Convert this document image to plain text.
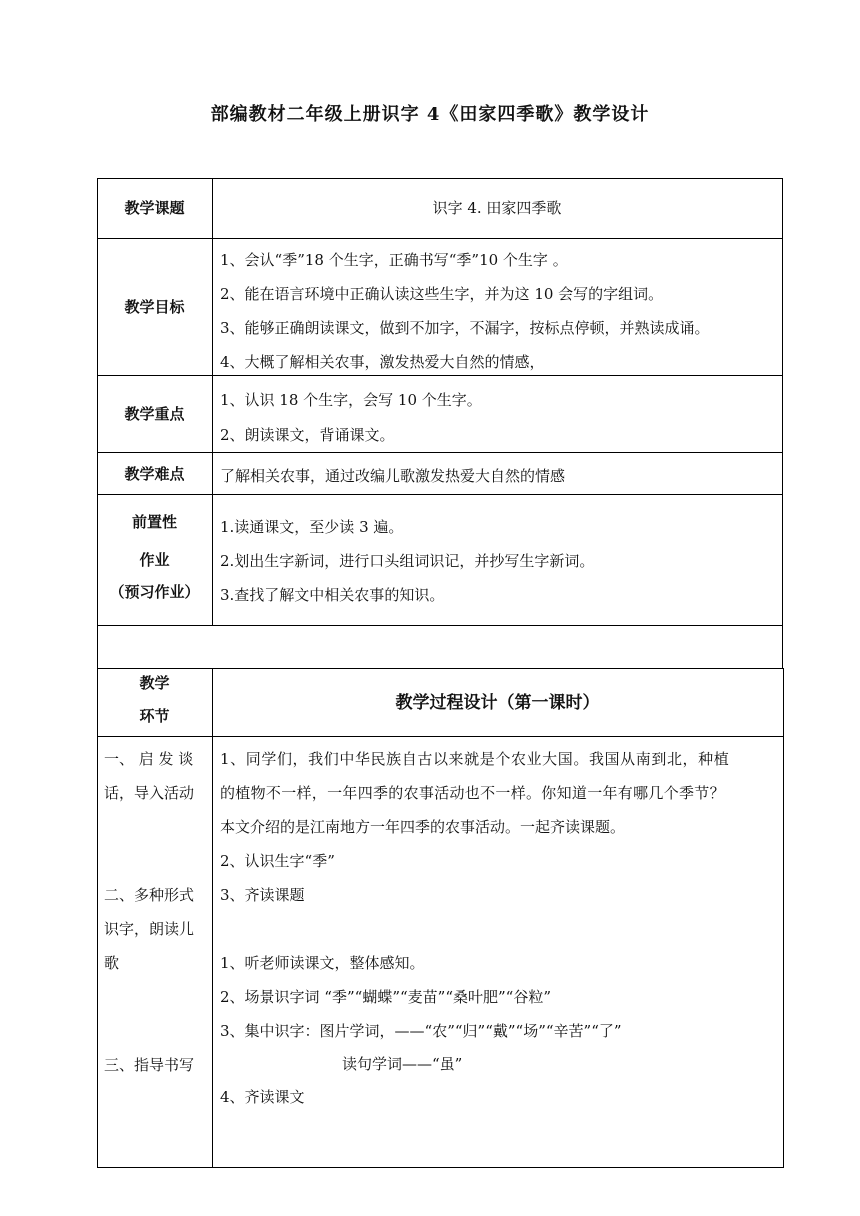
部编教材二年级上册识字 4《田家四季歌》教学设计
教学课题	识字 4. 田家四季歌
教学目标
1、会认“季”18 个生字，正确书写“季”10 个生字 。
2、能在语言环境中正确认读这些生字，并为这 10 会写的字组词。
3、能够正确朗读课文，做到不加字，不漏字，按标点停顿，并熟读成诵。
4、大概了解相关农事，激发热爱大自然的情感，
教学重点
1、认识 18 个生字，会写 10 个生字。
2、朗读课文，背诵课文。
教学难点	了解相关农事，通过改编儿歌激发热爱大自然的情感
前置性
作业
（预习作业）
1.读通课文，至少读 3 遍。
2.划出生字新词，进行口头组词识记，并抄写生字新词。
3.查找了解文中相关农事的知识。
教学
环节
教学过程设计（第一课时）
一、 启 发 谈
话，导入活动
二、多种形式
识字，朗读儿
歌
三、指导书写
1、同学们，我们中华民族自古以来就是个农业大国。我国从南到北，种植
的植物不一样，一年四季的农事活动也不一样。你知道一年有哪几个季节？
本文介绍的是江南地方一年四季的农事活动。一起齐读课题。
2、认识生字“季”
3、齐读课题
1、听老师读课文，整体感知。
2、场景识字词 “季”“蝴蝶”“麦苗”“桑叶肥”“谷粒”
3、集中识字：图片学词，——“农”“归”“戴”“场”“辛苦”“了”
读句学词——“虽”
4、齐读课文
